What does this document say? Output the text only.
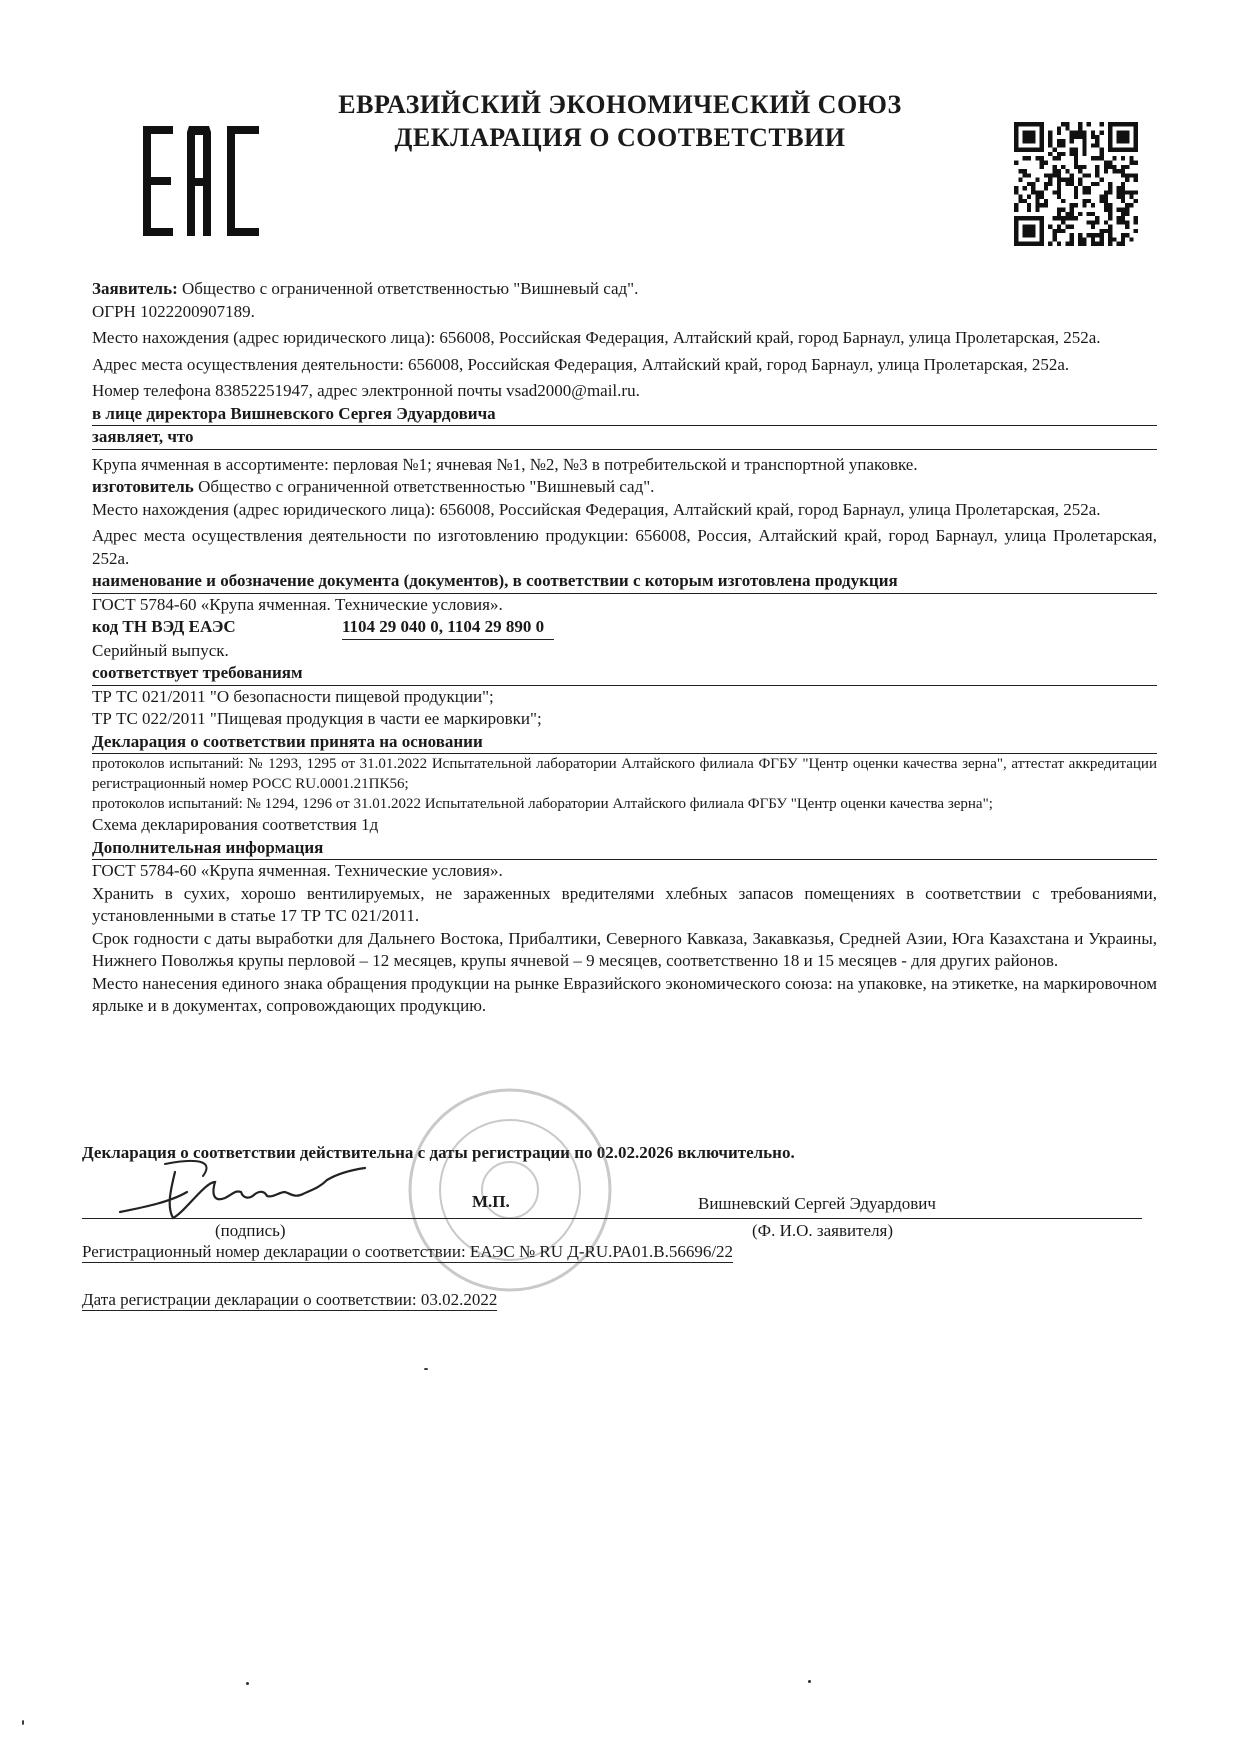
ЕВРАЗИЙСКИЙ ЭКОНОМИЧЕСКИЙ СОЮЗ
ДЕКЛАРАЦИЯ О СООТВЕТСТВИИ

Заявитель: Общество с ограниченной ответственностью "Вишневый сад".

ОГРН 1022200907189.

Место нахождения (адрес юридического лица): 656008, Российская Федерация, Алтайский край, город Барнаул, улица Пролетарская, 252а.

Адрес места осуществления деятельности: 656008, Российская Федерация, Алтайский край, город Барнаул, улица Пролетарская, 252а.

Номер телефона 83852251947, адрес электронной почты vsad2000@mail.ru.

в лице директора Вишневского Сергея Эдуардовича
заявляет, что

Крупа ячменная в ассортименте: перловая №1; ячневая №1, №2, №3 в потребительской и транспортной упаковке.

изготовитель Общество с ограниченной ответственностью "Вишневый сад".

Место нахождения (адрес юридического лица): 656008, Российская Федерация, Алтайский край, город Барнаул, улица Пролетарская, 252а.

Адрес места осуществления деятельности по изготовлению продукции: 656008, Россия, Алтайский край, город Барнаул, улица Пролетарская, 252а.

наименование и обозначение документа (документов), в соответствии с которым изготовлена продукция

ГОСТ 5784-60 «Крупа ячменная. Технические условия».

код ТН ВЭД ЕАЭС	1104 29 040 0, 1104 29 890 0

Серийный выпуск.

соответствует требованиям

ТР ТС 021/2011 "О безопасности пищевой продукции";

ТР ТС 022/2011 "Пищевая продукция в части ее маркировки";

Декларация о соответствии принята на основании

протоколов испытаний: № 1293, 1295 от 31.01.2022 Испытательной лаборатории Алтайского филиала ФГБУ "Центр оценки качества зерна", аттестат аккредитации регистрационный номер РОСС RU.0001.21ПК56;

протоколов испытаний: № 1294, 1296 от 31.01.2022 Испытательной лаборатории Алтайского филиала ФГБУ "Центр оценки качества зерна";

Схема декларирования соответствия 1д

Дополнительная информация

ГОСТ 5784-60 «Крупа ячменная. Технические условия».

Хранить в сухих, хорошо вентилируемых, не зараженных вредителями хлебных запасов помещениях в соответствии с требованиями, установленными в статье 17 ТР ТС 021/2011.

Срок годности с даты выработки для Дальнего Востока, Прибалтики, Северного Кавказа, Закавказья, Средней Азии, Юга Казахстана и Украины, Нижнего Поволжья крупы перловой – 12 месяцев, крупы ячневой – 9 месяцев, соответственно 18 и 15 месяцев - для других районов.

Место нанесения единого знака обращения продукции на рынке Евразийского экономического союза: на упаковке, на этикетке, на маркировочном ярлыке и в документах, сопровождающих продукцию.

Декларация о соответствии действительна с даты регистрации по 02.02.2026 включительно.
М.П.	Вишневский Сергей Эдуардович
(подпись)	(Ф. И.О. заявителя)
Регистрационный номер декларации о соответствии: ЕАЭС № RU Д-RU.РА01.В.56696/22
Дата регистрации декларации о соответствии: 03.02.2022
